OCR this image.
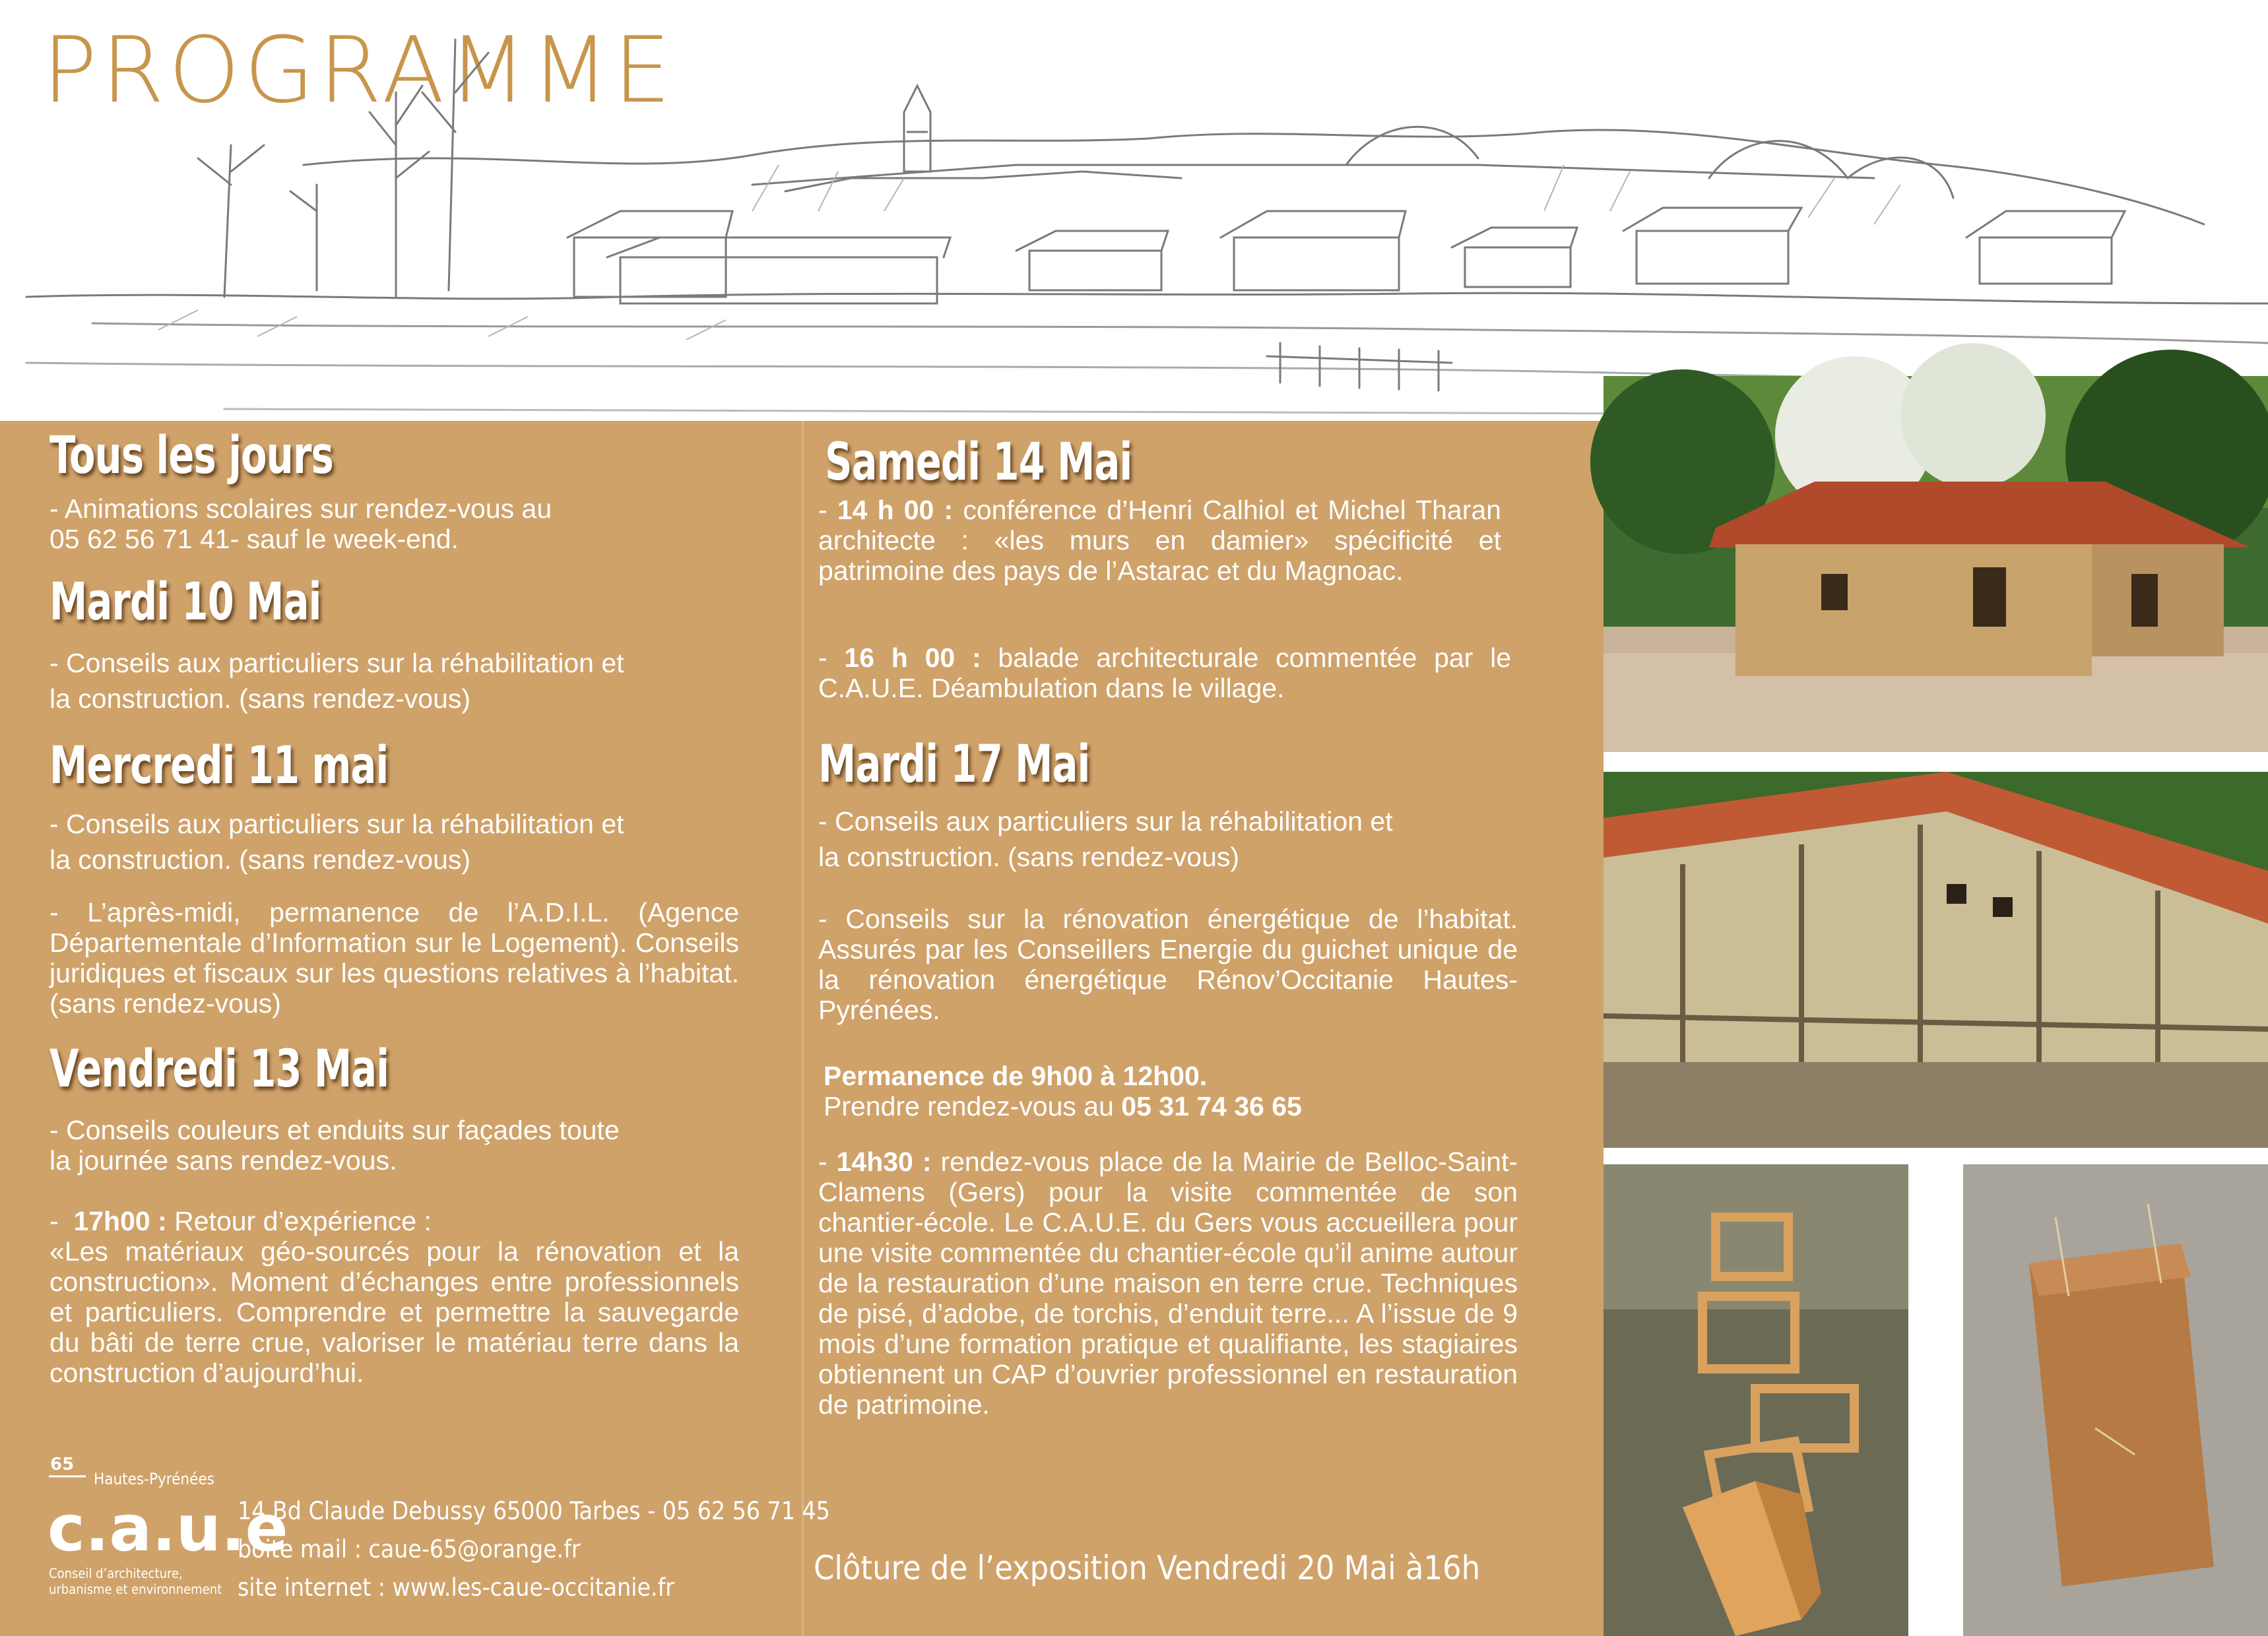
PROGRAMME
Tous les jours
- Animations scolaires sur rendez-vous au
05 62 56 71 41- sauf le week-end.
Mardi 10 Mai
- Conseils aux particuliers sur la réhabilitation et
la construction. (sans rendez-vous)
Mercredi 11 mai
- Conseils aux particuliers sur la réhabilitation et
la construction. (sans rendez-vous)
- L’après-midi, permanence de l’A.D.I.L. (Agence Départementale d’Information sur le Logement). Conseils juridiques et fiscaux sur les questions relatives à l’habitat. (sans rendez-vous)
Vendredi 13 Mai
- Conseils couleurs et enduits sur façades toute
la journée sans rendez-vous.
-  17h00 : Retour d’expérience :
«Les matériaux géo-sourcés pour la rénovation et la construction». Moment d’échanges entre professionnels et particuliers. Comprendre et permettre la sauvegarde du bâti de terre crue, valoriser le matériau terre dans la construction d’aujourd’hui.
65
Hautes-Pyrénées
c.a.u.e
Conseil d’architecture,
urbanisme et environnement
14 Bd Claude Debussy 65000 Tarbes - 05 62 56 71 45
boite mail : caue-65@orange.fr
site internet : www.les-caue-occitanie.fr
Samedi 14 Mai
- 14 h 00 : conférence d’Henri Calhiol et Michel Tharan architecte : «les murs en damier» spécificité et patrimoine des pays de l’Astarac et du Magnoac.
- 16 h 00 : balade architecturale commentée par le C.A.U.E. Déambulation dans le village.
Mardi 17 Mai
- Conseils aux particuliers sur la réhabilitation et
la construction. (sans rendez-vous)
- Conseils sur la rénovation énergétique de l’habitat. Assurés par les Conseillers Energie du guichet unique de la rénovation énergétique Rénov’Occitanie Hautes-Pyrénées.
Permanence de 9h00 à 12h00.
Prendre rendez-vous au 05 31 74 36 65
- 14h30 : rendez-vous place de la Mairie de Belloc-Saint-Clamens (Gers) pour la visite commentée de son chantier-école. Le C.A.U.E. du Gers vous accueillera pour une visite commentée du chantier-école qu’il anime autour de la restauration d’une maison en terre crue. Techniques de pisé, d’adobe, de torchis, d’enduit terre... A l’issue de 9 mois d’une formation pratique et qualifiante, les stagiaires obtiennent un CAP d’ouvrier professionnel en restauration de patrimoine.
Clôture de l’exposition Vendredi 20 Mai à16h
